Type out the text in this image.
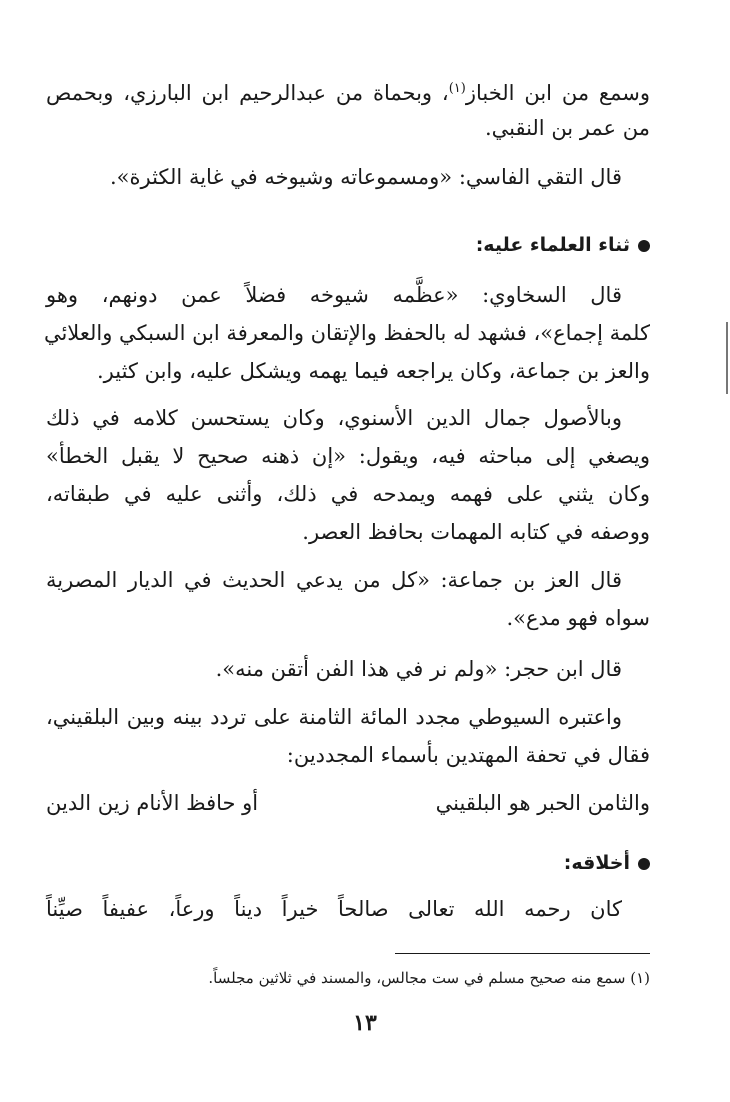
وسمع من ابن الخباز$^{(١)}$، وبحماة من عبدالرحيم ابن البارزي، وبحمص
من عمر بن النقبي.
قال التقي الفاسي: «ومسموعاته وشيوخه في غاية الكثرة».
ثناء العلماء عليه:
قال السخاوي: «عظَّمه شيوخه فضلاً عمن دونهم، وهو
كلمة إجماع»، فشهد له بالحفظ والإتقان والمعرفة ابن السبكي والعلائي
والعز بن جماعة، وكان يراجعه فيما يهمه ويشكل عليه، وابن كثير.
وبالأصول جمال الدين الأسنوي، وكان يستحسن كلامه في ذلك
ويصغي إلى مباحثه فيه، ويقول: «إن ذهنه صحيح لا يقبل الخطأ»
وكان يثني على فهمه ويمدحه في ذلك، وأثنى عليه في طبقاته،
ووصفه في كتابه المهمات بحافظ العصر.
قال العز بن جماعة: «كل من يدعي الحديث في الديار المصرية
سواه فهو مدع».
قال ابن حجر: «ولم نر في هذا الفن أتقن منه».
واعتبره السيوطي مجدد المائة الثامنة على تردد بينه وبين البلقيني،
فقال في تحفة المهتدين بأسماء المجددين:
والثامن الحبر هو البلقيني
أو حافظ الأنام زين الدين
أخلاقه:
كان رحمه الله تعالى صالحاً خيراً ديناً ورعاً، عفيفاً صيِّناً
(١) سمع منه صحيح مسلم في ست مجالس، والمسند في ثلاثين مجلساً.
١٣
